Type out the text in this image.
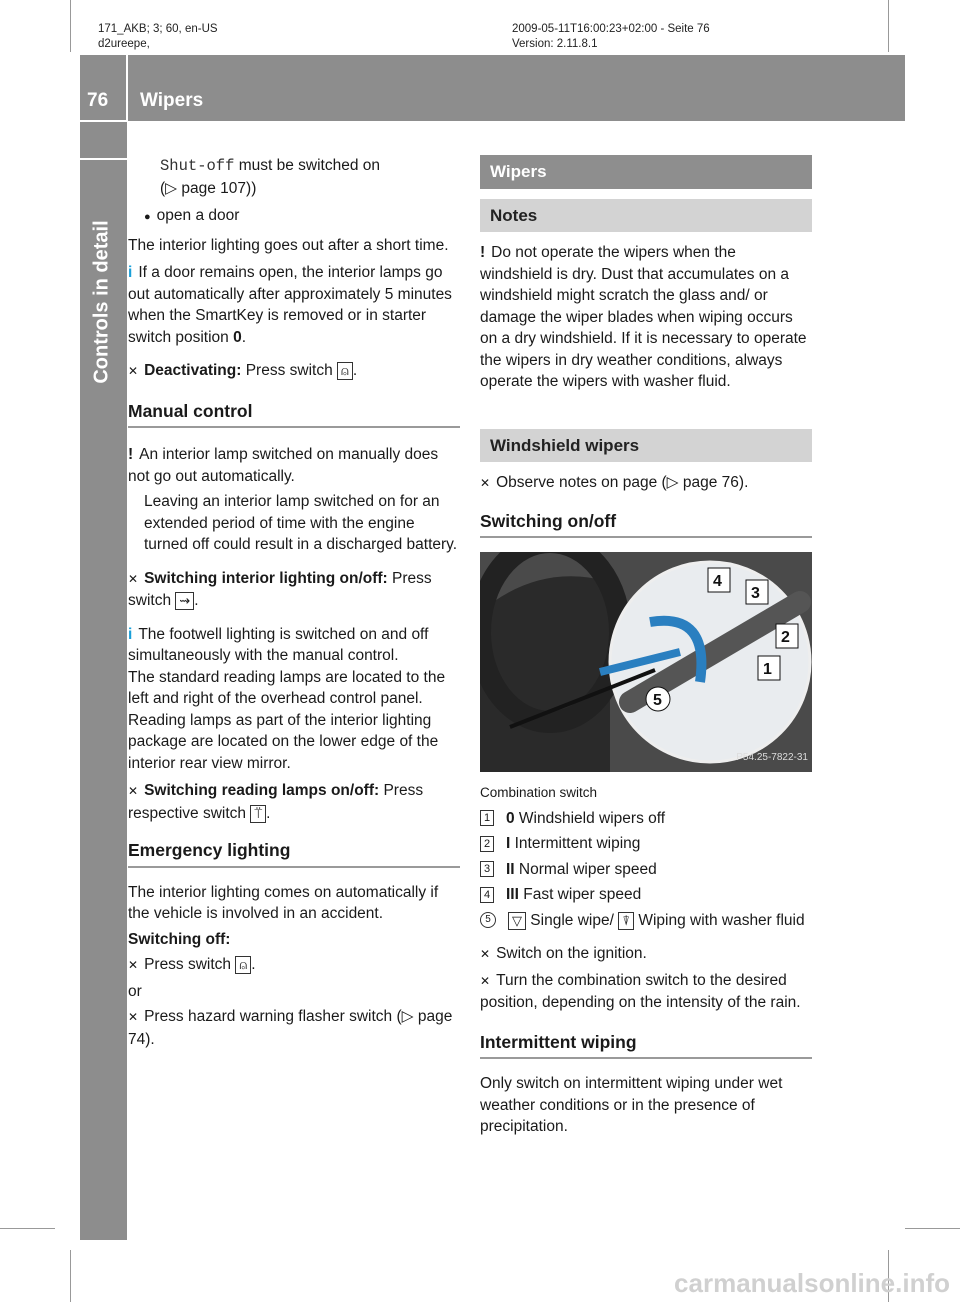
171_AKB; 3; 60, en-US
d2ureepe,
2009-05-11T16:00:23+02:00 - Seite 76
Version: 2.11.8.1
76 Wipers
Controls in detail

Shut-off must be switched on

(▷ page 107))

● open a door

The interior lighting goes out after a short time.

i If a door remains open, the interior lamps go out automatically after approximately 5 minutes when the SmartKey is removed or in starter switch position 0.

✕ Deactivating: Press switch ⍝ .

Manual control

! An interior lamp switched on manually does not go out automatically.

Leaving an interior lamp switched on for an extended period of time with the engine turned off could result in a discharged battery.

✕ Switching interior lighting on/off: Press switch ⇝ .

i The footwell lighting is switched on and off simultaneously with the manual control.

The standard reading lamps are located to the left and right of the overhead control panel. Reading lamps as part of the interior lighting package are located on the lower edge of the interior rear view mirror.

✕ Switching reading lamps on/off: Press respective switch ⍡ .

Emergency lighting

The interior lighting comes on automatically if the vehicle is involved in an accident.

Switching off:

✕ Press switch ⍝ .

or

✕ Press hazard warning flasher switch (▷ page 74).

Wipers
Notes

! Do not operate the wipers when the windshield is dry. Dust that accumulates on a windshield might scratch the glass and/ or damage the wiper blades when wiping occurs on a dry windshield. If it is necessary to operate the wipers in dry weather conditions, always operate the wipers with washer fluid.

Windshield wipers

✕ Observe notes on page (▷ page 76).

Switching on/off
4
3
2
1
5
P54.25-7822-31

Combination switch

1 0 Windshield wipers off

2 I Intermittent wiping

3 II Normal wiper speed

4 III Fast wiper speed

5 ▽ Single wipe/ ⍒ Wiping with washer fluid

✕ Switch on the ignition.

✕ Turn the combination switch to the desired position, depending on the intensity of the rain.

Intermittent wiping

Only switch on intermittent wiping under wet weather conditions or in the presence of precipitation.

carmanualsonline.info
